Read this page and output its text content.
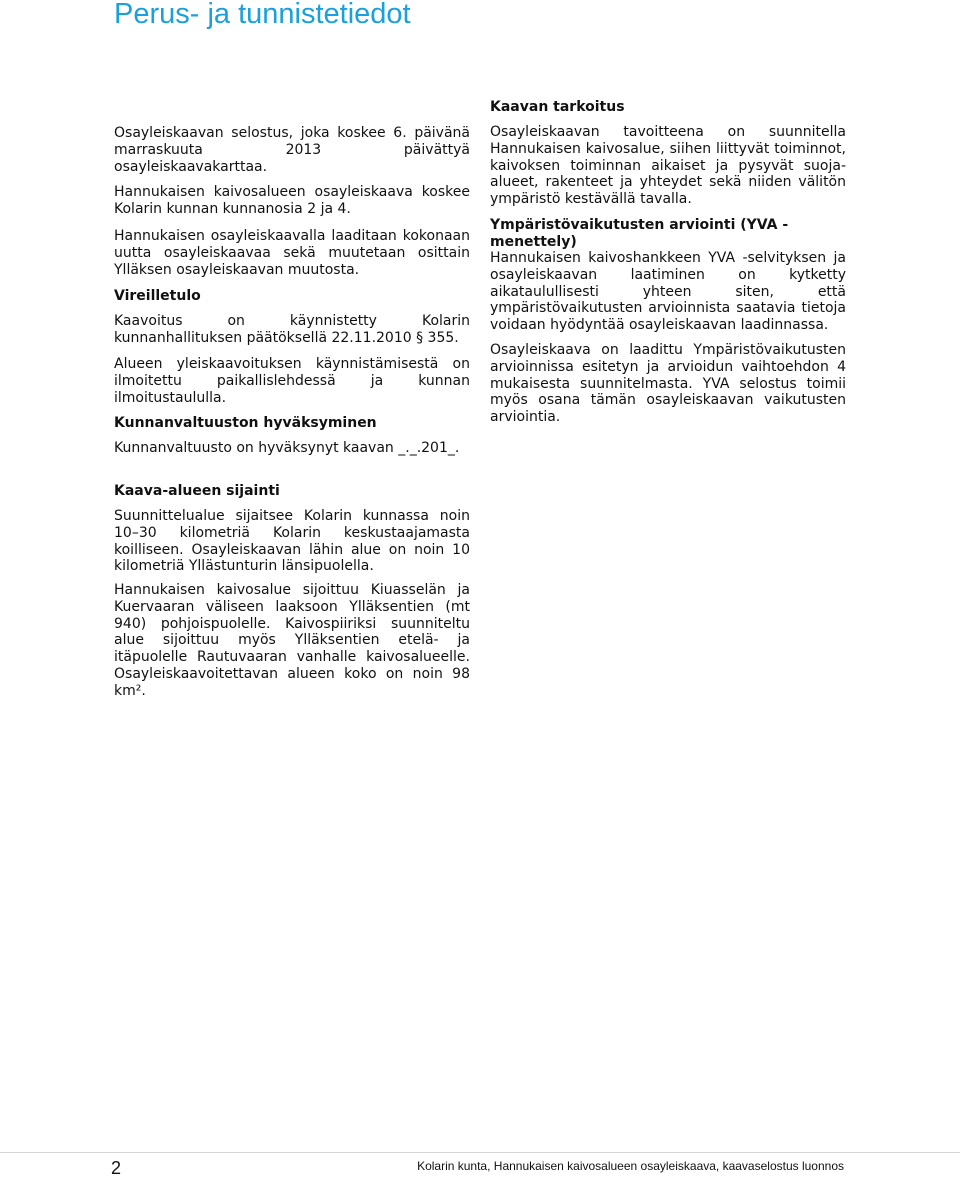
Perus- ja tunnistetiedot

Osayleiskaavan selostus, joka koskee 6. päivänä marraskuuta 2013 päivättyä osayleiskaavakarttaa.

Hannukaisen kaivosalueen osayleiskaava koskee Kolarin kunnan kunnanosia 2 ja 4.

Hannukaisen osayleiskaavalla laaditaan kokonaan uutta osayleiskaavaa sekä muutetaan osittain Ylläksen osayleiskaavan muutosta.

Vireilletulo

Kaavoitus on käynnistetty Kolarin kunnanhallituksen päätöksellä 22.11.2010 § 355.

Alueen yleiskaavoituksen käynnistämisestä on ilmoitettu paikallislehdessä ja kunnan ilmoitustaululla.

Kunnanvaltuuston hyväksyminen

Kunnanvaltuusto on hyväksynyt kaavan _._.201_.

Kaava-alueen sijainti

Suunnittelualue sijaitsee Kolarin kunnassa noin 10–30 kilometriä Kolarin keskustaajamasta koilliseen. Osayleiskaavan lähin alue on noin 10 kilometriä Yllästunturin länsipuolella.

Hannukaisen kaivosalue sijoittuu Kiuasselän ja Kuervaaran väliseen laaksoon Ylläksentien (mt 940) pohjoispuolelle. Kaivospiiriksi suunniteltu alue sijoittuu myös Ylläksentien etelä- ja itäpuolelle Rautuvaaran vanhalle kaivosalueelle. Osayleiskaavoitettavan alueen koko on noin 98 km².

Kaavan tarkoitus

Osayleiskaavan tavoitteena on suunnitella Hannukaisen kaivosalue, siihen liittyvät toiminnot, kaivoksen toiminnan aikaiset ja pysyvät suoja-alueet, rakenteet ja yhteydet sekä niiden välitön ympäristö kestävällä tavalla.

Ympäristövaikutusten arviointi (YVA -menettely)

Hannukaisen kaivoshankkeen YVA -selvityksen ja osayleiskaavan laatiminen on kytketty aikataulullisesti yhteen siten, että ympäristövaikutusten arvioinnista saatavia tietoja voidaan hyödyntää osayleiskaavan laadinnassa.

Osayleiskaava on laadittu Ympäristövaikutusten arvioinnissa esitetyn ja arvioidun vaihtoehdon 4 mukaisesta suunnitelmasta. YVA selostus toimii myös osana tämän osayleiskaavan vaikutusten arviointia.

2	Kolarin kunta, Hannukaisen kaivosalueen osayleiskaava, kaavaselostus luonnos
